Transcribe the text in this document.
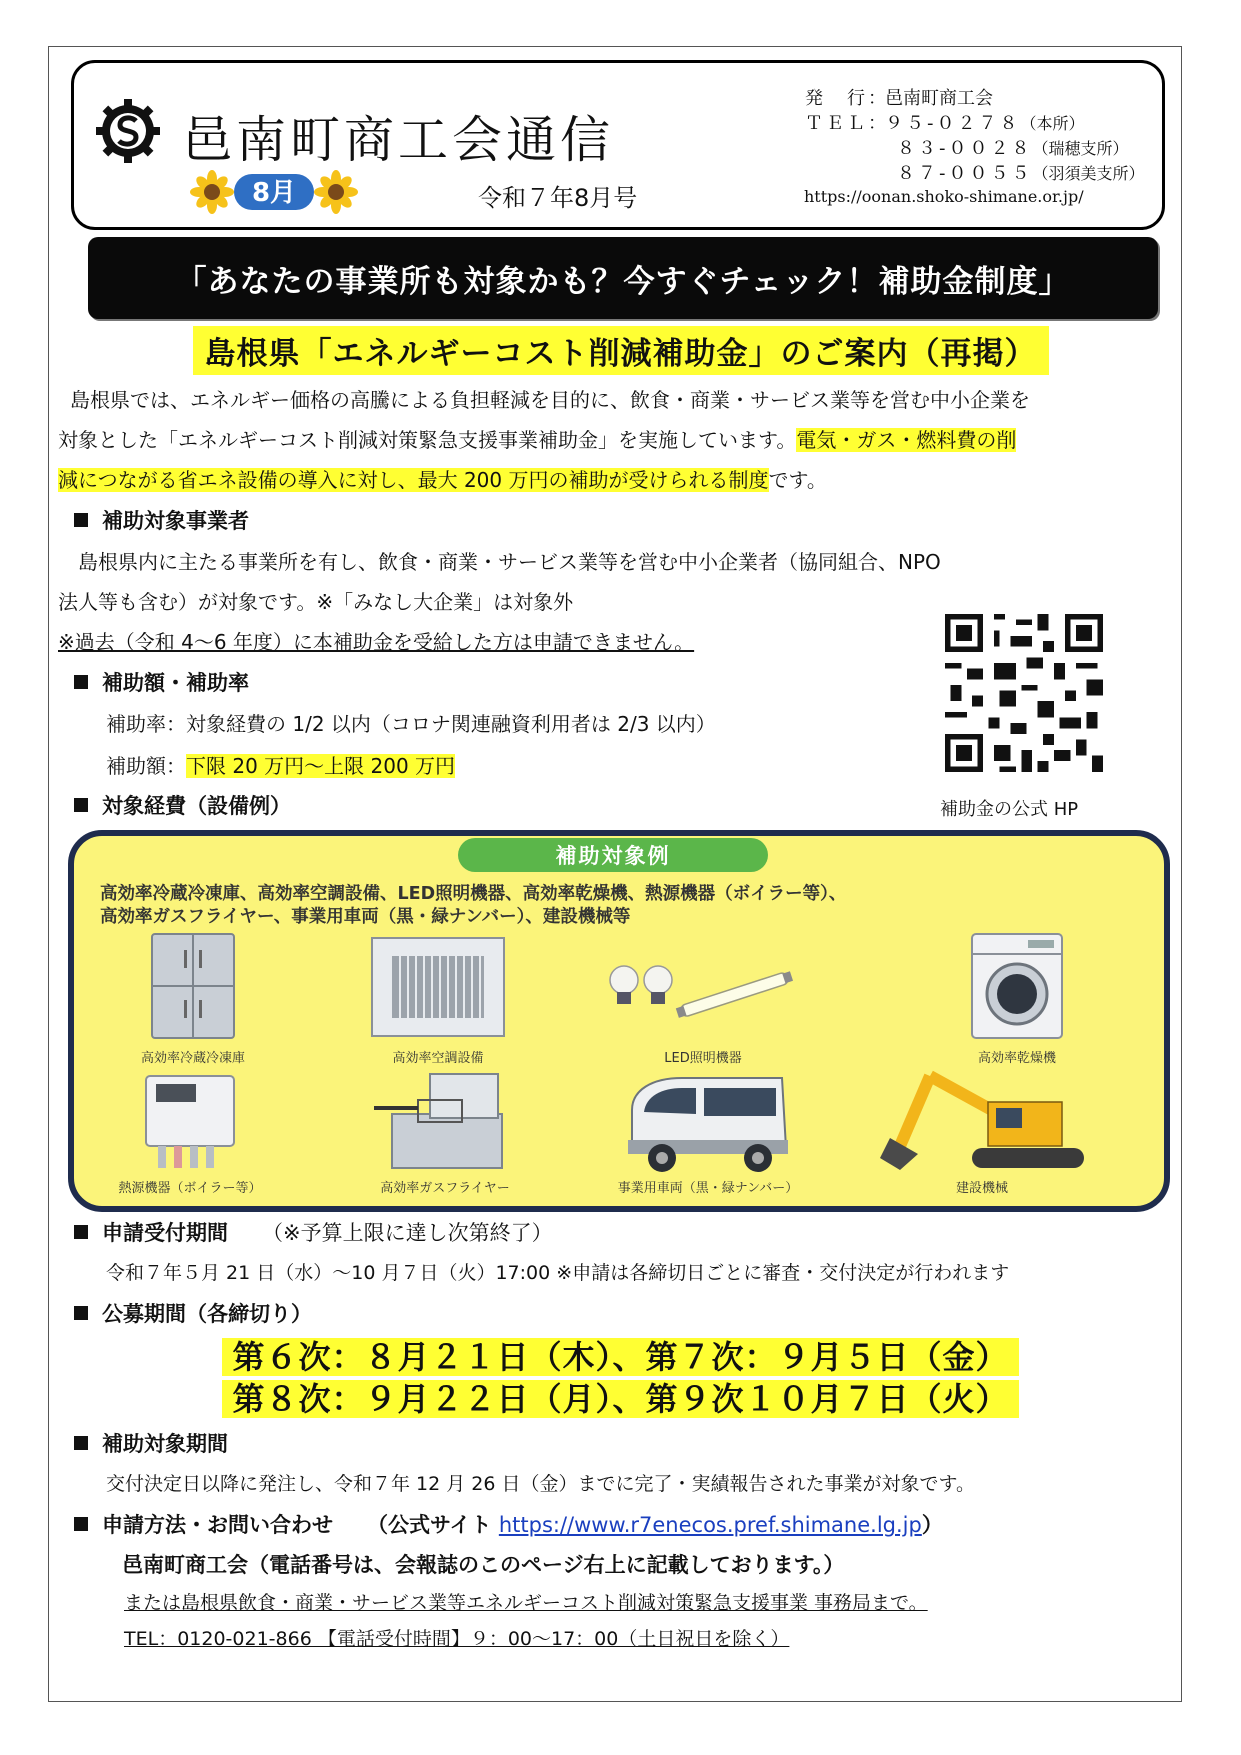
邑南町商工会通信
8月	令和７年8月号
発　行：
邑南町商工会
ＴＥＬ：
９５-０２７８（本所）
８３-００２８（瑞穂支所）
８７-００５５（羽須美支所）
https://oonan.shoko-shimane.or.jp/
「あなたの事業所も対象かも？今すぐチェック！補助金制度」
島根県「エネルギーコスト削減補助金」のご案内（再掲）
島根県では、エネルギー価格の高騰による負担軽減を目的に、飲食・商業・サービス業等を営む中小企業を
対象とした「エネルギーコスト削減対策緊急支援事業補助金」を実施しています。電気・ガス・燃料費の削
減につながる省エネ設備の導入に対し、最大 200 万円の補助が受けられる制度です。
補助対象事業者
島根県内に主たる事業所を有し、飲食・商業・サービス業等を営む中小企業者（協同組合、NPO
法人等も含む）が対象です。※「みなし大企業」は対象外
※過去（令和 4～6 年度）に本補助金を受給した方は申請できません。
補助金の公式 HP
補助額・補助率
補助率：対象経費の 1/2 以内（コロナ関連融資利用者は 2/3 以内）
補助額：下限 20 万円～上限 200 万円
対象経費（設備例）
補助対象例
高効率冷蔵冷凍庫、高効率空調設備、LED照明機器、高効率乾燥機、熱源機器（ボイラー等）、
高効率ガスフライヤー、事業用車両（黒・緑ナンバー）、建設機械等
高効率冷蔵冷凍庫	高効率空調設備	LED照明機器	高効率乾燥機
熱源機器（ボイラー等）	高効率ガスフライヤー	事業用車両（黒・緑ナンバー）	建設機械
申請受付期間 （※予算上限に達し次第終了）
令和７年５月 21 日（水）～10 月７日（火）17:00 ※申請は各締切日ごとに審査・交付決定が行われます
公募期間（各締切り）
第６次：８月２１日（木）、第７次：９月５日（金）
第８次：９月２２日（月）、第９次１０月７日（火）
補助対象期間
交付決定日以降に発注し、令和７年 12 月 26 日（金）までに完了・実績報告された事業が対象です。
申請方法・お問い合わせ （公式サイト https://www.r7enecos.pref.shimane.lg.jp）
邑南町商工会（電話番号は、会報誌のこのページ右上に記載しております。）
または島根県飲食・商業・サービス業等エネルギーコスト削減対策緊急支援事業 事務局まで。
TEL：0120-021-866 【電話受付時間】９：00～17：00（土日祝日を除く）
